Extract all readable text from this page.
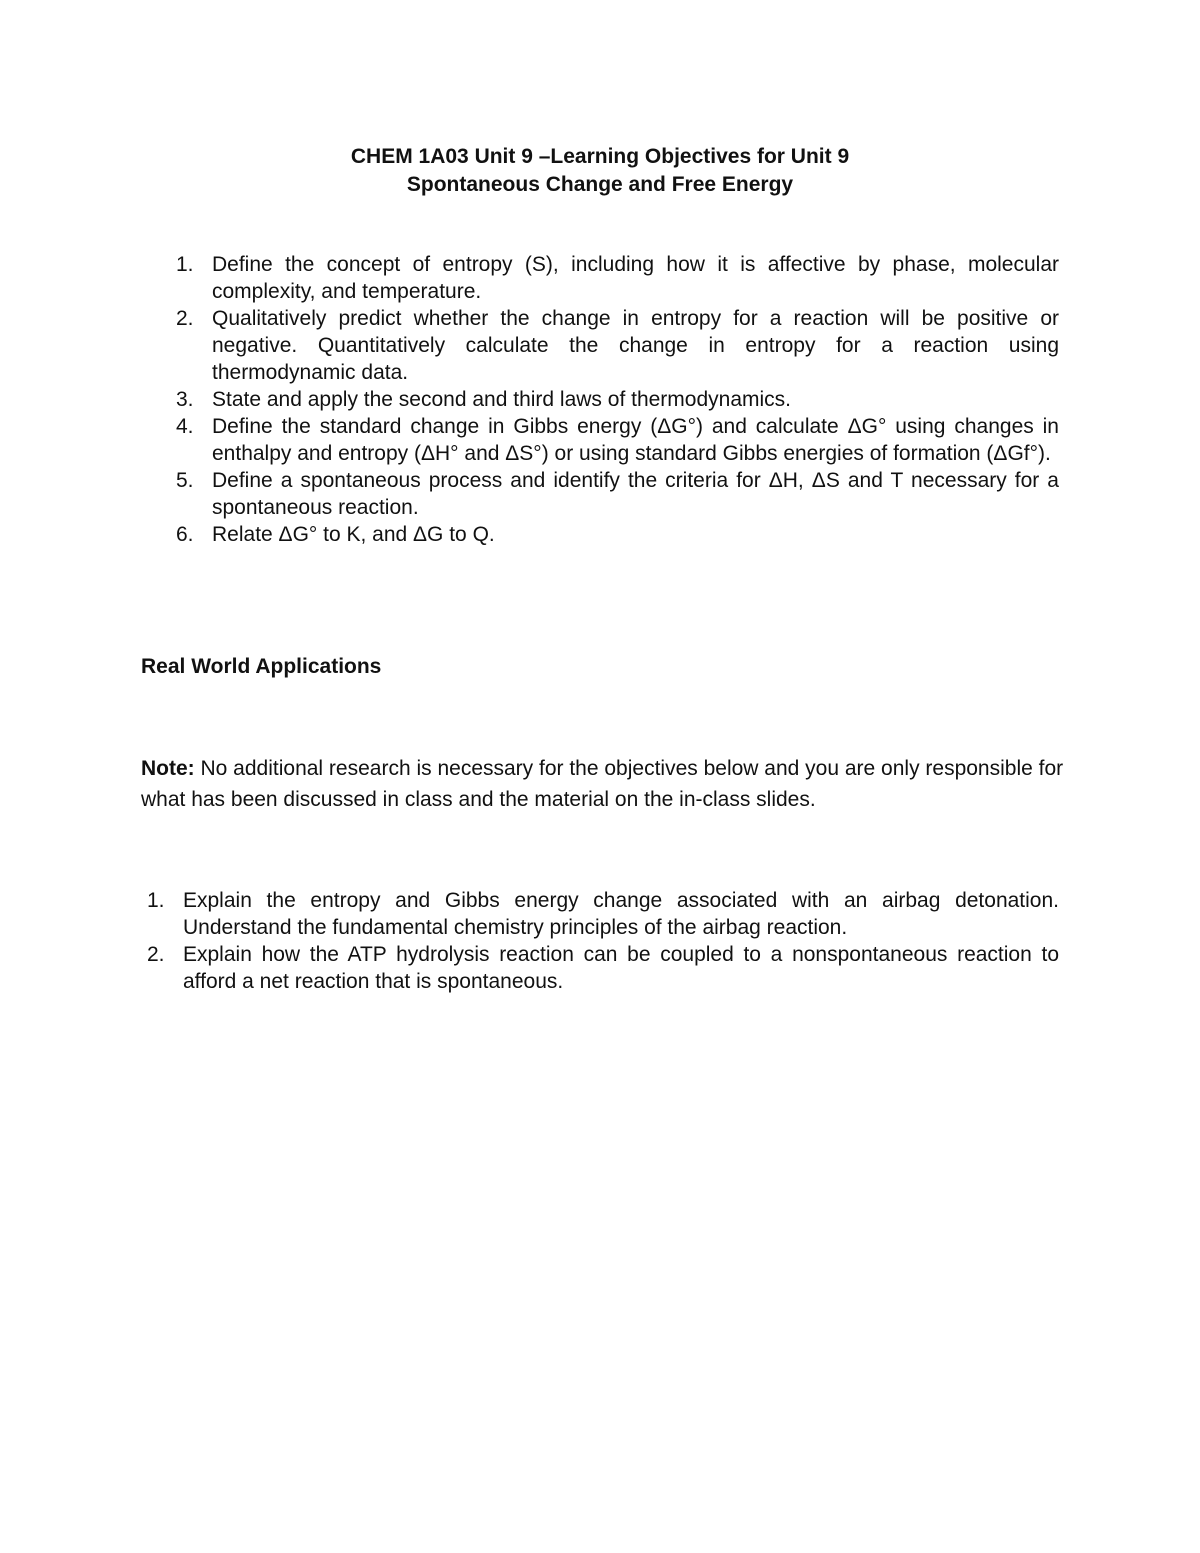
CHEM 1A03 Unit 9 –Learning Objectives for Unit 9
Spontaneous Change and Free Energy
1. Define the concept of entropy (S), including how it is affective by phase, molecular complexity, and temperature.
2. Qualitatively predict whether the change in entropy for a reaction will be positive or negative. Quantitatively calculate the change in entropy for a reaction using thermodynamic data.
3. State and apply the second and third laws of thermodynamics.
4. Define the standard change in Gibbs energy (ΔG°) and calculate ΔG° using changes in enthalpy and entropy (ΔH° and ΔS°) or using standard Gibbs energies of formation (ΔGf°).
5. Define a spontaneous process and identify the criteria for ΔH, ΔS and T necessary for a spontaneous reaction.
6. Relate ΔG° to K, and ΔG to Q.
Real World Applications

Note: No additional research is necessary for the objectives below and you are only responsible for what has been discussed in class and the material on the in-class slides.

1. Explain the entropy and Gibbs energy change associated with an airbag detonation. Understand the fundamental chemistry principles of the airbag reaction.
2. Explain how the ATP hydrolysis reaction can be coupled to a nonspontaneous reaction to afford a net reaction that is spontaneous.
